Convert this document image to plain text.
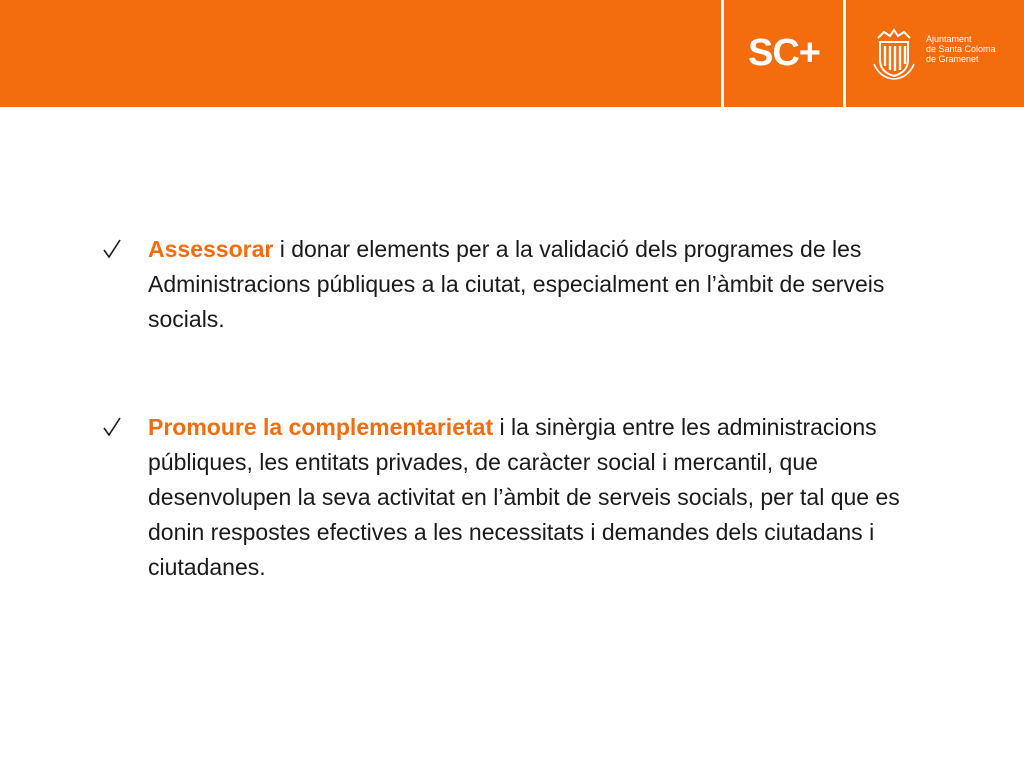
SC+	Ajuntament
de Santa Coloma
de Gramenet
Assessorar i donar elements per a la validació dels programes de les Administracions públiques a la ciutat, especialment en l’àmbit de serveis socials.
Promoure la complementarietat i la sinèrgia entre les administracions públiques, les entitats privades, de caràcter social i mercantil, que desenvolupen la seva activitat en l’àmbit de serveis socials, per tal que es donin respostes efectives a les necessitats i demandes dels ciutadans i ciutadanes.
